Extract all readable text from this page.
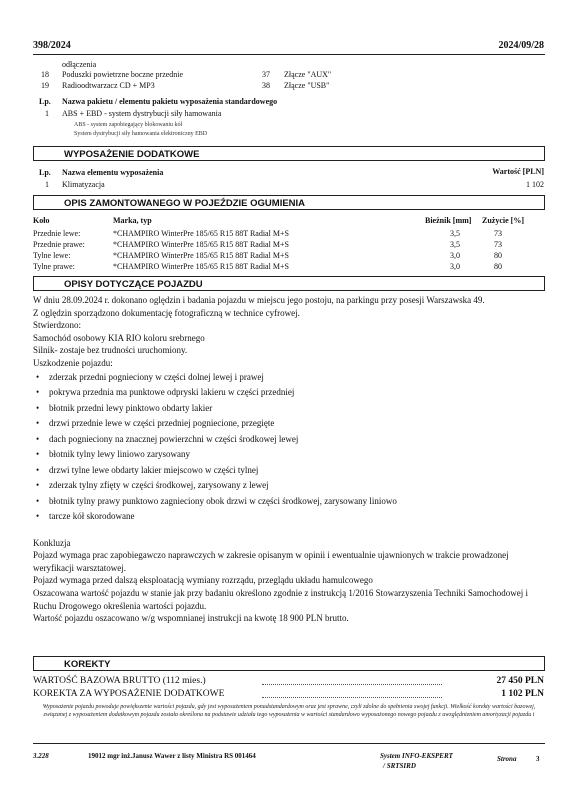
398/2024	2024/09/28
odłączenia
18 Poduszki powietrzne boczne przednie	37 Złącze "AUX"
19 Radioodtwarzacz CD + MP3	38 Złącze "USB"
Lp. Nazwa pakietu / elementu pakietu wyposażenia standardowego
1 ABS + EBD - system dystrybucji siły hamowania
ABS - system zapobiegający blokowaniu kół
System dystrybucji siły hamowania elektroniczny EBD
WYPOSAŻENIE DODATKOWE
Wartość [PLN]
Lp. Nazwa elementu wyposażenia
1 Klimatyzacja	1 102
OPIS ZAMONTOWANEGO W POJEŹDZIE OGUMIENIA
Koło	Marka, typ	Bieżnik [mm] Zużycie [%]
Przednie lewe:	*CHAMPIRO WinterPre 185/65 R15 88T Radial M+S	3,5	73
Przednie prawe:	*CHAMPIRO WinterPre 185/65 R15 88T Radial M+S	3,5	73
Tylne lewe:	*CHAMPIRO WinterPre 185/65 R15 88T Radial M+S	3,0	80
Tylne prawe:	*CHAMPIRO WinterPre 185/65 R15 88T Radial M+S	3,0	80
OPISY DOTYCZĄCE POJAZDU
W dniu 28.09.2024 r. dokonano oględzin i badania pojazdu w miejscu jego postoju, na parkingu przy posesji Warszawska 49.
Z oględzin sporządzono dokumentację fotograficzną w technice cyfrowej.
Stwierdzono:
Samochód osobowy KIA RIO koloru srebrnego
Silnik- zostaje bez trudności uruchomiony.
Uszkodzenie pojazdu:
• zderzak przedni pognieciony w części dolnej lewej i prawej
• pokrywa przednia ma punktowe odpryski lakieru w części przedniej
• błotnik przedni lewy pinktowo obdarty lakier
• drzwi przednie lewe w części przedniej pogniecione, przegięte
• dach pognieciony na znacznej powierzchni w części środkowej lewej
• błotnik tylny lewy liniowo zarysowany
• drzwi tylne lewe obdarty lakier miejscowo w części tylnej
• zderzak tylny zfięty w części środkowej, zarysowany z lewej
• błotnik tylny prawy punktowo zagnieciony obok drzwi w części środkowej, zarysowany liniowo
• tarcze kół skorodowane
Konkluzja
Pojazd wymaga prac zapobiegawczo naprawczych w zakresie opisanym w opinii i ewentualnie ujawnionych w trakcie prowadzonej weryfikacji warsztatowej.
Pojazd wymaga przed dalszą eksploatacją wymiany rozrządu, przeglądu układu hamulcowego
Oszacowana wartość pojazdu w stanie jak przy badaniu określono zgodnie z instrukcją 1/2016 Stowarzyszenia Techniki Samochodowej i Ruchu Drogowego określenia wartości pojazdu.
Wartość pojazdu oszacowano w/g wspomnianej instrukcji na kwotę 18 900 PLN brutto.
KOREKTY
WARTOŚĆ BAZOWA BRUTTO (112 mies.)	27 450 PLN
KOREKTA ZA WYPOSAŻENIE DODATKOWE	1 102 PLN
Wyposażenie pojazdu powoduje powiększenie wartości pojazdu, gdy jest wyposażeniem ponadstandardowym oraz jest sprawne, czyli zdolne do spełnienia swojej funkcji. Wielkość korekty wartości bazowej, związanej z wyposażeniem dodatkowym pojazdu została określona na podstawie udziału tego wyposażenia w wartości standardowo wyposażonego nowego pojazdu z uwzględnieniem amortyzacji pojazdu i
3.228	19012 mgr inż.Janusz Wawer z listy Ministra RS 001464	System INFO-EKSPERT
/ SRTSIRD
Strona	3
